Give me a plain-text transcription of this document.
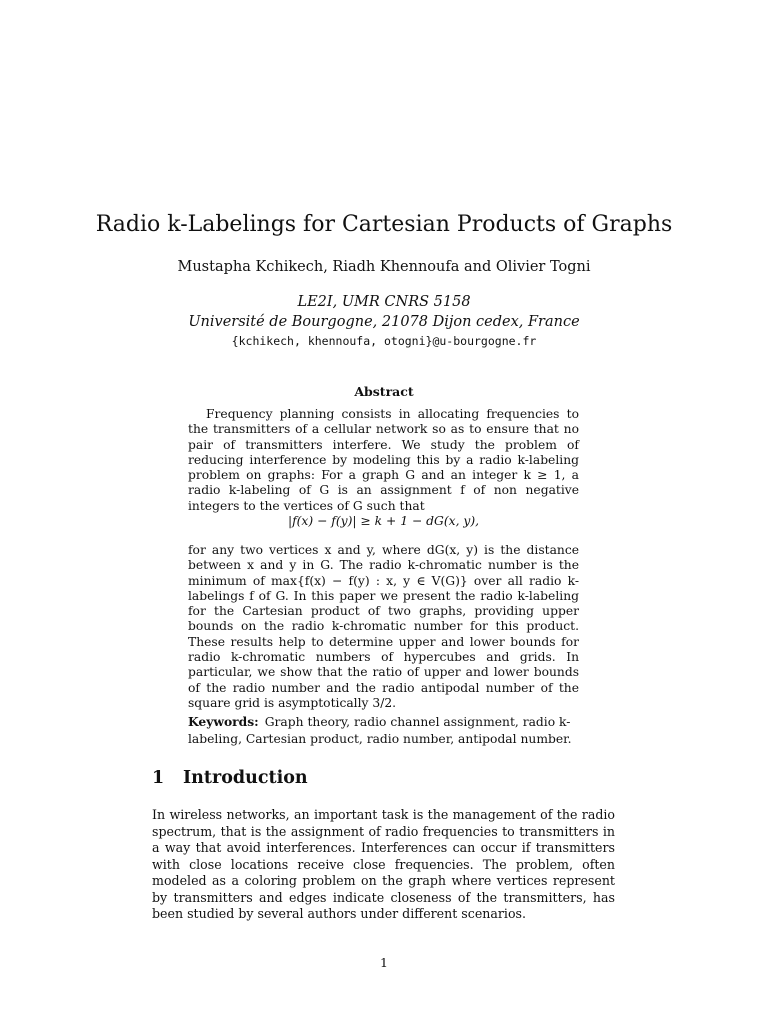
Radio k-Labelings for Cartesian Products of Graphs
Mustapha Kchikech, Riadh Khennoufa and Olivier Togni
LE2I, UMR CNRS 5158
Université de Bourgogne, 21078 Dijon cedex, France
{kchikech, khennoufa, otogni}@u-bourgogne.fr
Abstract

Frequency planning consists in allocating frequencies to the transmitters of a cellular network so as to ensure that no pair of transmitters interfere. We study the problem of reducing interference by modeling this by a radio k-labeling problem on graphs: For a graph G and an integer k ≥ 1, a radio k-labeling of G is an assignment f of non negative integers to the vertices of G such that

|f(x) − f(y)| ≥ k + 1 − dG(x, y),

for any two vertices x and y, where dG(x, y) is the distance between x and y in G. The radio k-chromatic number is the minimum of max{f(x) − f(y) : x, y ∈ V(G)} over all radio k-labelings f of G. In this paper we present the radio k-labeling for the Cartesian product of two graphs, providing upper bounds on the radio k-chromatic number for this product. These results help to determine upper and lower bounds for radio k-chromatic numbers of hypercubes and grids. In particular, we show that the ratio of upper and lower bounds of the radio number and the radio antipodal number of the square grid is asymptotically 3/2.

Keywords: Graph theory, radio channel assignment, radio k-labeling, Cartesian product, radio number, antipodal number.
1 Introduction
In wireless networks, an important task is the management of the radio spectrum, that is the assignment of radio frequencies to transmitters in a way that avoid interferences. Interferences can occur if transmitters with close locations receive close frequencies. The problem, often modeled as a coloring problem on the graph where vertices represent by transmitters and edges indicate closeness of the transmitters, has been studied by several authors under different scenarios.
1
